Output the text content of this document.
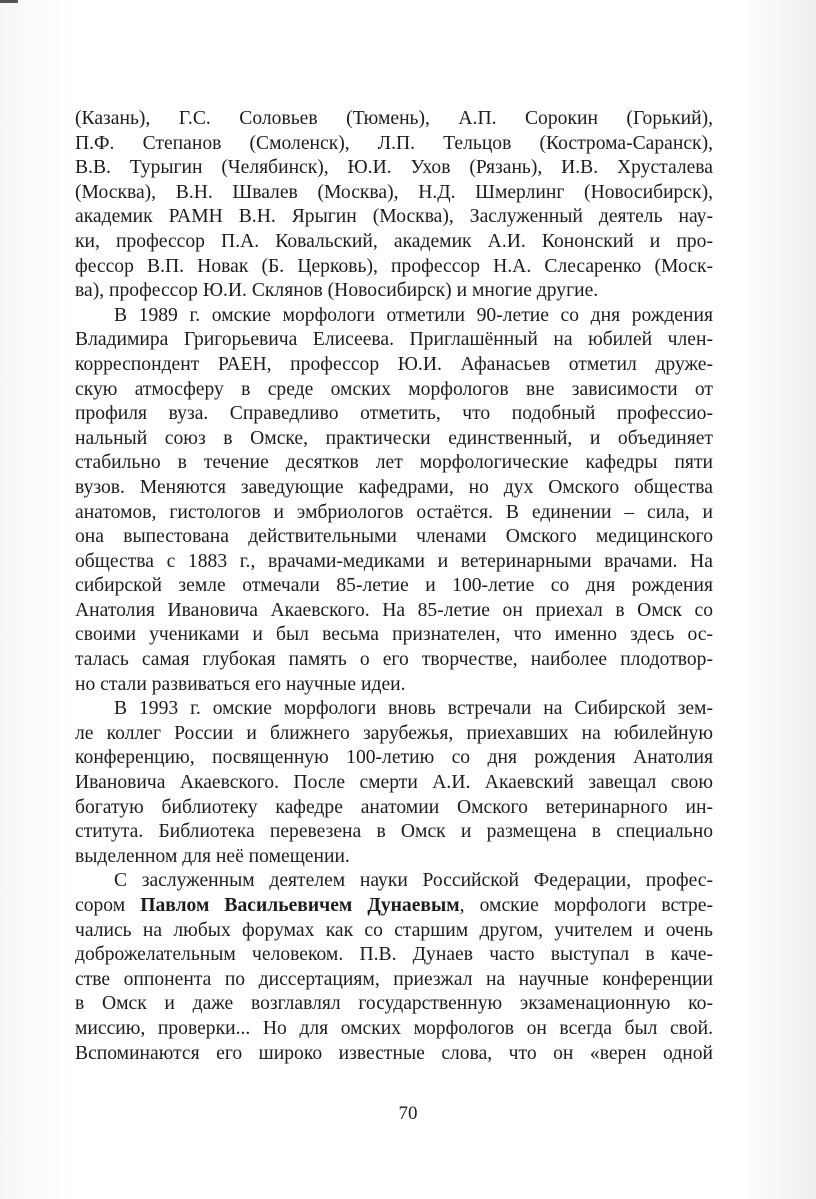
(Казань), Г.С. Соловьев (Тюмень), А.П. Сорокин (Горький),
П.Ф. Степанов (Смоленск), Л.П. Тельцов (Кострома-Саранск),
В.В. Турыгин (Челябинск), Ю.И. Ухов (Рязань), И.В. Хрусталева
(Москва), В.Н. Швалев (Москва), Н.Д. Шмерлинг (Новосибирск),
академик РАМН В.Н. Ярыгин (Москва), Заслуженный деятель нау-
ки, профессор П.А. Ковальский, академик А.И. Кононский и про-
фессор В.П. Новак (Б. Церковь), профессор Н.А. Слесаренко (Моск-
ва), профессор Ю.И. Склянов (Новосибирск) и многие другие.
В 1989 г. омские морфологи отметили 90-летие со дня рождения
Владимира Григорьевича Елисеева. Приглашённый на юбилей член-
корреспондент РАЕН, профессор Ю.И. Афанасьев отметил друже-
скую атмосферу в среде омских морфологов вне зависимости от
профиля вуза. Справедливо отметить, что подобный профессио-
нальный союз в Омске, практически единственный, и объединяет
стабильно в течение десятков лет морфологические кафедры пяти
вузов. Меняются заведующие кафедрами, но дух Омского общества
анатомов, гистологов и эмбриологов остаётся. В единении – сила, и
она выпестована действительными членами Омского медицинского
общества с 1883 г., врачами-медиками и ветеринарными врачами. На
сибирской земле отмечали 85-летие и 100-летие со дня рождения
Анатолия Ивановича Акаевского. На 85-летие он приехал в Омск со
своими учениками и был весьма признателен, что именно здесь ос-
талась самая глубокая память о его творчестве, наиболее плодотвор-
но стали развиваться его научные идеи.
В 1993 г. омские морфологи вновь встречали на Сибирской зем-
ле коллег России и ближнего зарубежья, приехавших на юбилейную
конференцию, посвященную 100-летию со дня рождения Анатолия
Ивановича Акаевского. После смерти А.И. Акаевский завещал свою
богатую библиотеку кафедре анатомии Омского ветеринарного ин-
ститута. Библиотека перевезена в Омск и размещена в специально
выделенном для неё помещении.
С заслуженным деятелем науки Российской Федерации, профес-
сором Павлом Васильевичем Дунаевым, омские морфологи встре-
чались на любых форумах как со старшим другом, учителем и очень
доброжелательным человеком. П.В. Дунаев часто выступал в каче-
стве оппонента по диссертациям, приезжал на научные конференции
в Омск и даже возглавлял государственную экзаменационную ко-
миссию, проверки... Но для омских морфологов он всегда был свой.
Вспоминаются его широко известные слова, что он «верен одной
70
